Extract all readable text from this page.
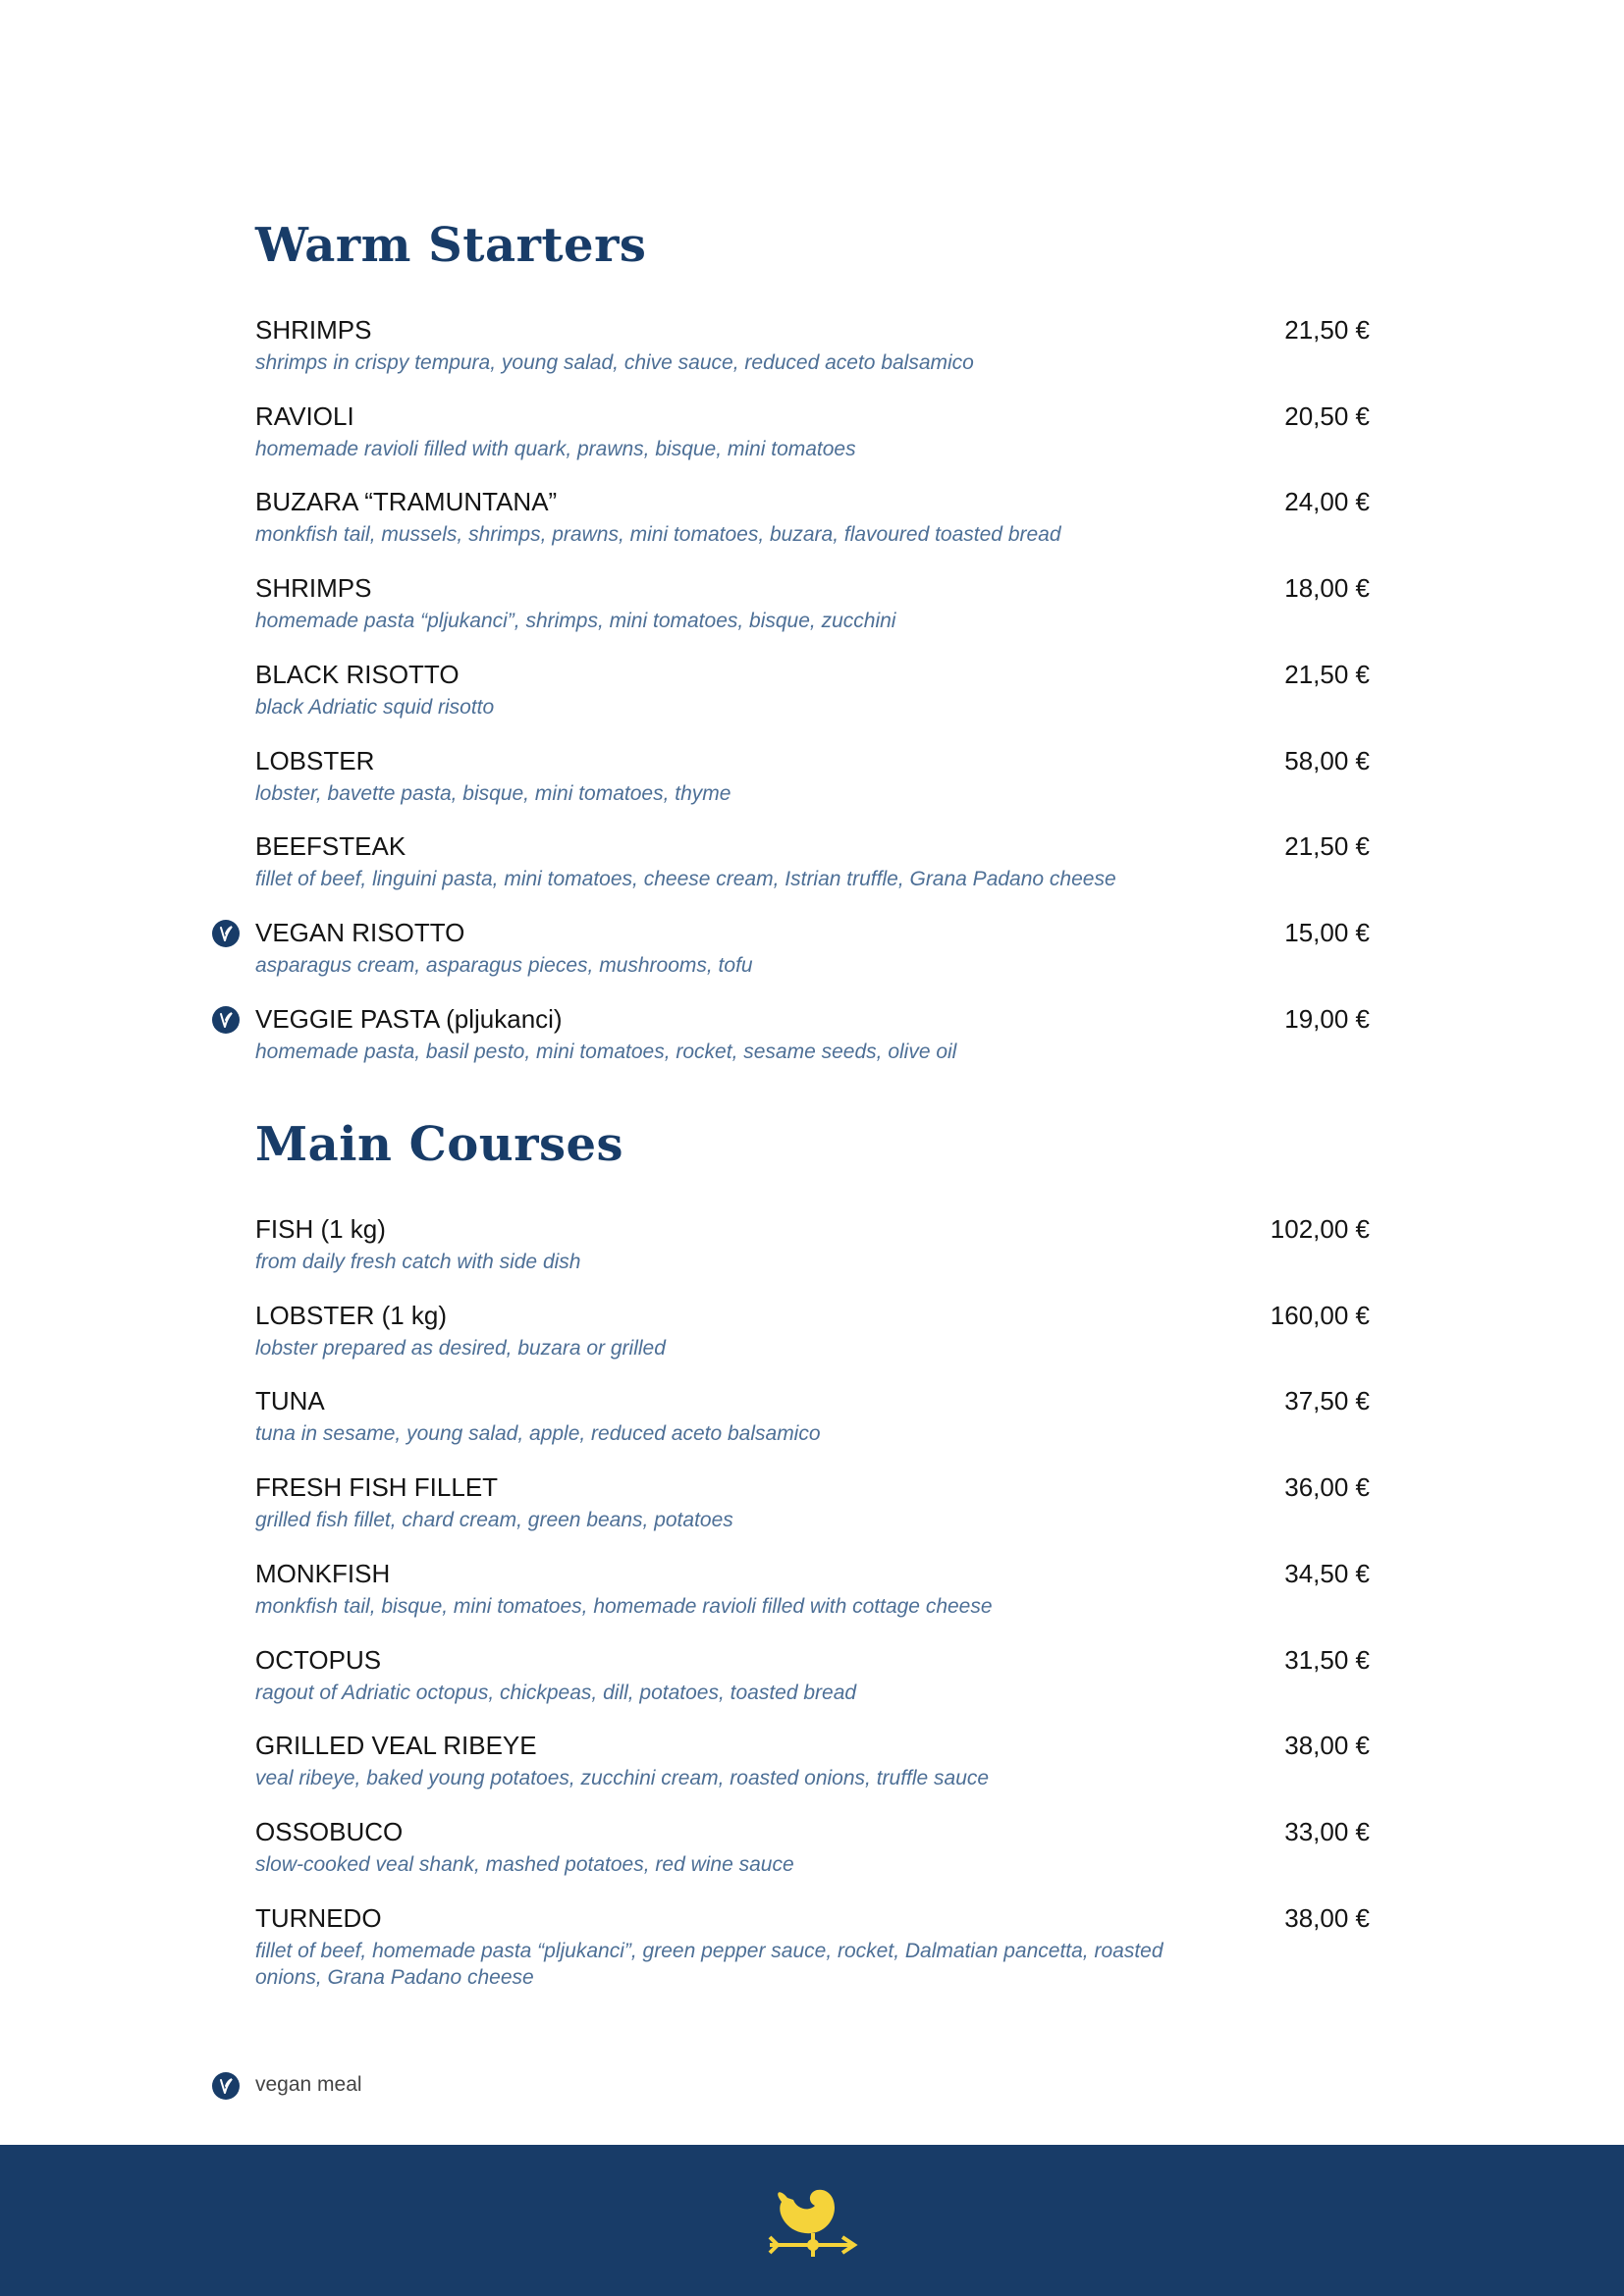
Warm Starters
SHRIMPS	21,50 €
shrimps in crispy tempura, young salad, chive sauce, reduced aceto balsamico
RAVIOLI	20,50 €
homemade ravioli filled with quark, prawns, bisque, mini tomatoes
BUZARA “TRAMUNTANA”	24,00 €
monkfish tail, mussels, shrimps, prawns, mini tomatoes, buzara, flavoured toasted bread
SHRIMPS	18,00 €
homemade pasta “pljukanci”, shrimps, mini tomatoes, bisque, zucchini
BLACK RISOTTO	21,50 €
black Adriatic squid risotto
LOBSTER	58,00 €
lobster, bavette pasta, bisque, mini tomatoes, thyme
BEEFSTEAK	21,50 €
fillet of beef, linguini pasta, mini tomatoes, cheese cream, Istrian truffle, Grana Padano cheese
VEGAN RISOTTO	15,00 €
asparagus cream, asparagus pieces, mushrooms, tofu
VEGGIE PASTA (pljukanci)	19,00 €
homemade pasta, basil pesto, mini tomatoes, rocket, sesame seeds, olive oil
Main Courses
FISH (1 kg)	102,00 €
from daily fresh catch with side dish
LOBSTER (1 kg)	160,00 €
lobster prepared as desired, buzara or grilled
TUNA	37,50 €
tuna in sesame, young salad, apple, reduced aceto balsamico
FRESH FISH FILLET	36,00 €
grilled fish fillet, chard cream, green beans, potatoes
MONKFISH	34,50 €
monkfish tail, bisque, mini tomatoes, homemade ravioli filled with cottage cheese
OCTOPUS	31,50 €
ragout of Adriatic octopus, chickpeas, dill, potatoes, toasted bread
GRILLED VEAL RIBEYE	38,00 €
veal ribeye, baked young potatoes, zucchini cream, roasted onions, truffle sauce
OSSOBUCO	33,00 €
slow-cooked veal shank, mashed potatoes, red wine sauce
TURNEDO	38,00 €
fillet of beef, homemade pasta “pljukanci”, green pepper sauce, rocket, Dalmatian pancetta, roasted onions, Grana Padano cheese
vegan meal
